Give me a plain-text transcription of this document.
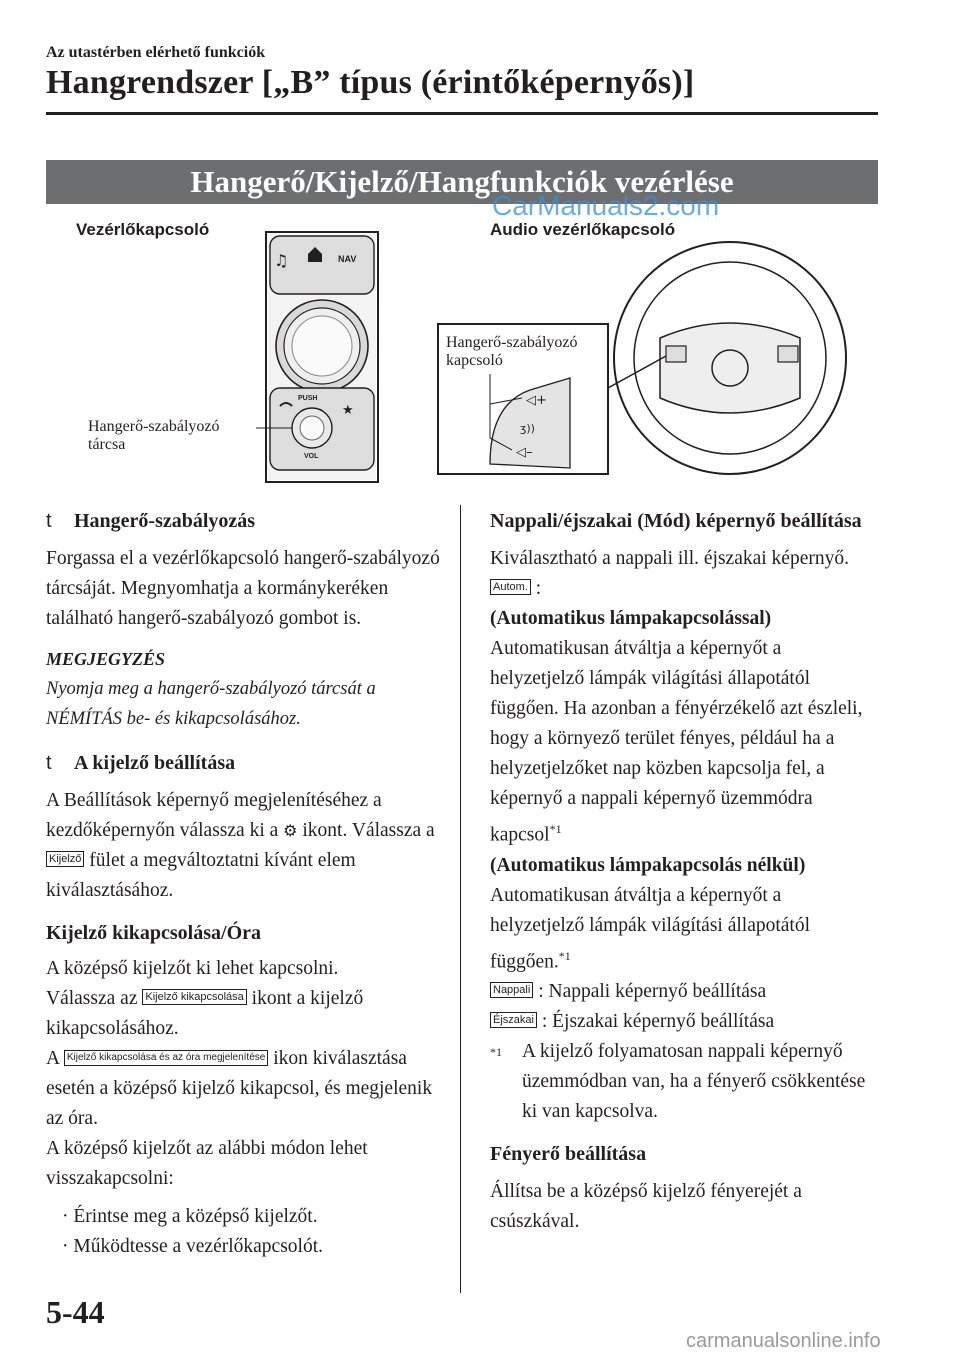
Az utastérben elérhető funkciók
Hangrendszer [„B” típus (érintőképernyős)]
Hangerő/Kijelző/Hangfunkciók vezérlése
CarManuals2.com
Vezérlőkapcsoló	Audio vezérlőkapcsoló
♫	NAV
★
PUSH
VOL
◁+
ʒ))
◁–
Hangerő-szabályozó
tárcsa
Hangerő-szabályozó
kapcsoló

t Hangerő-szabályozás

Forgassa el a vezérlőkapcsoló hangerő-szabályozó tárcsáját. Megnyomhatja a kormánykeréken található hangerő-szabályozó gombot is.

MEGJEGYZÉS

Nyomja meg a hangerő-szabályozó tárcsát a NÉMÍTÁS be- és kikapcsolásához.

t A kijelző beállítása

A Beállítások képernyő megjelenítéséhez a kezdőképernyőn válassza ki a ⚙ ikont. Válassza a Kijelző fület a megváltoztatni kívánt elem kiválasztásához.

Kijelző kikapcsolása/Óra

A középső kijelzőt ki lehet kapcsolni.

Válassza az Kijelző kikapcsolása ikont a kijelző kikapcsolásához.

A Kijelző kikapcsolása és az óra megjelenítése ikon kiválasztása esetén a középső kijelző kikapcsol, és megjelenik az óra.

A középső kijelzőt az alábbi módon lehet visszakapcsolni:

· Érintse meg a középső kijelzőt.

· Működtesse a vezérlőkapcsolót.

Nappali/éjszakai (Mód) képernyő beállítása

Kiválasztható a nappali ill. éjszakai képernyő.

Autom. :

(Automatikus lámpakapcsolással)

Automatikusan átváltja a képernyőt a helyzetjelző lámpák világítási állapotától függően. Ha azonban a fényérzékelő azt észleli, hogy a környező terület fényes, például ha a helyzetjelzőket nap közben kapcsolja fel, a képernyő a nappali képernyő üzemmódra kapcsol$^{*1}$

(Automatikus lámpakapcsolás nélkül)

Automatikusan átváltja a képernyőt a helyzetjelző lámpák világítási állapotától függően.$^{*1}$

Nappali : Nappali képernyő beállítása

Éjszakai : Éjszakai képernyő beállítása

*1	A kijelző folyamatosan nappali képernyő üzemmódban van, ha a fényerő csökkentése ki van kapcsolva.

Fényerő beállítása

Állítsa be a középső kijelző fényerejét a csúszkával.

5-44
carmanualsonline.info
